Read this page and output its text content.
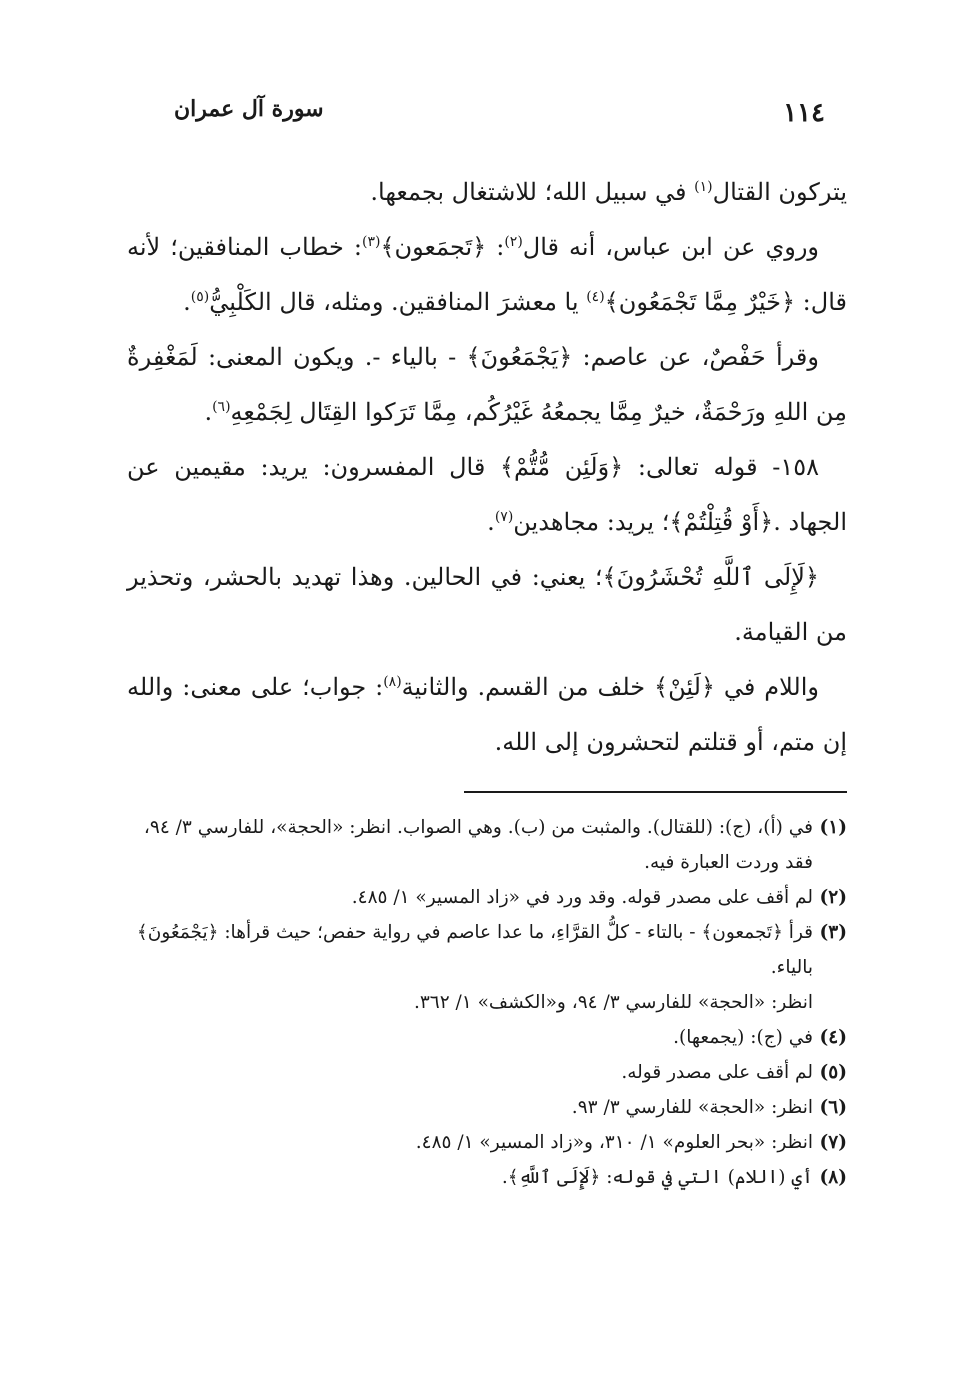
١١٤
سورة آل عمران

يتركون القتال$^{(١)}$ في سبيل الله؛ للاشتغال بجمعها.

وروي عن ابن عباس، أنه قال$^{(٢)}$: ﴿تَجمَعون﴾$^{(٣)}$: خطاب المنافقين؛ لأنه قال: ﴿خَيْرٌ مِمَّا تَجْمَعُون﴾$^{(٤)}$ يا معشرَ المنافقين. ومثله، قال الكَلْبِيُّ$^{(٥)}$.

وقرأ حَفْصٌ، عن عاصم: ﴿يَجْمَعُونَ﴾ - بالياء -. ويكون المعنى: لَمَغْفِرةٌ مِن اللهِ ورَحْمَةٌ، خيرٌ مِمَّا يجمعُهُ غَيْرُكُم، مِمَّا تَرَكوا القِتَال لِجَمْعِهِ$^{(٦)}$.

١٥٨- قوله تعالى: ﴿وَلَئِن مُّتُّمْ﴾ قال المفسرون: يريد: مقيمين عن الجهاد .﴿أَوْ قُتِلْتُمْ﴾؛ يريد: مجاهدين$^{(٧)}$.

﴿لَإِلَى ٱللَّهِ تُحْشَرُونَ﴾؛ يعني: في الحالين. وهذا تهديد بالحشر، وتحذير من القيامة.

واللام في ﴿لَئِنْ﴾ خلف من القسم. والثانية$^{(٨)}$: جواب؛ على معنى: والله إن متم، أو قتلتم لتحشرون إلى الله.

(١)
في (أ)، (ج): (للقتال). والمثبت من (ب). وهي الصواب. انظر: «الحجة»، للفارسي ٣/ ٩٤، فقد وردت العبارة فيه.

(٢)
لم أقف على مصدر قوله. وقد ورد في «زاد المسير» ١/ ٤٨٥.

(٣)
قرأ ﴿تَجمعون﴾ - بالتاء - كلُّ القرَّاءِ، ما عدا عاصم في رواية حفص؛ حيث قرأها: ﴿يَجْمَعُونَ﴾ بالياء.
انظر: «الحجة» للفارسي ٣/ ٩٤، و«الكشف» ١/ ٣٦٢.

(٤)
في (ج): (يجمعها).

(٥)
لم أقف على مصدر قوله.

(٦)
انظر: «الحجة» للفارسي ٣/ ٩٣.

(٧)
انظر: «بحر العلوم» ١/ ٣١٠، و«زاد المسير» ١/ ٤٨٥.

(٨)
أي (اللام) التي في قوله: ﴿لَإِلَى ٱللَّهِ﴾.
